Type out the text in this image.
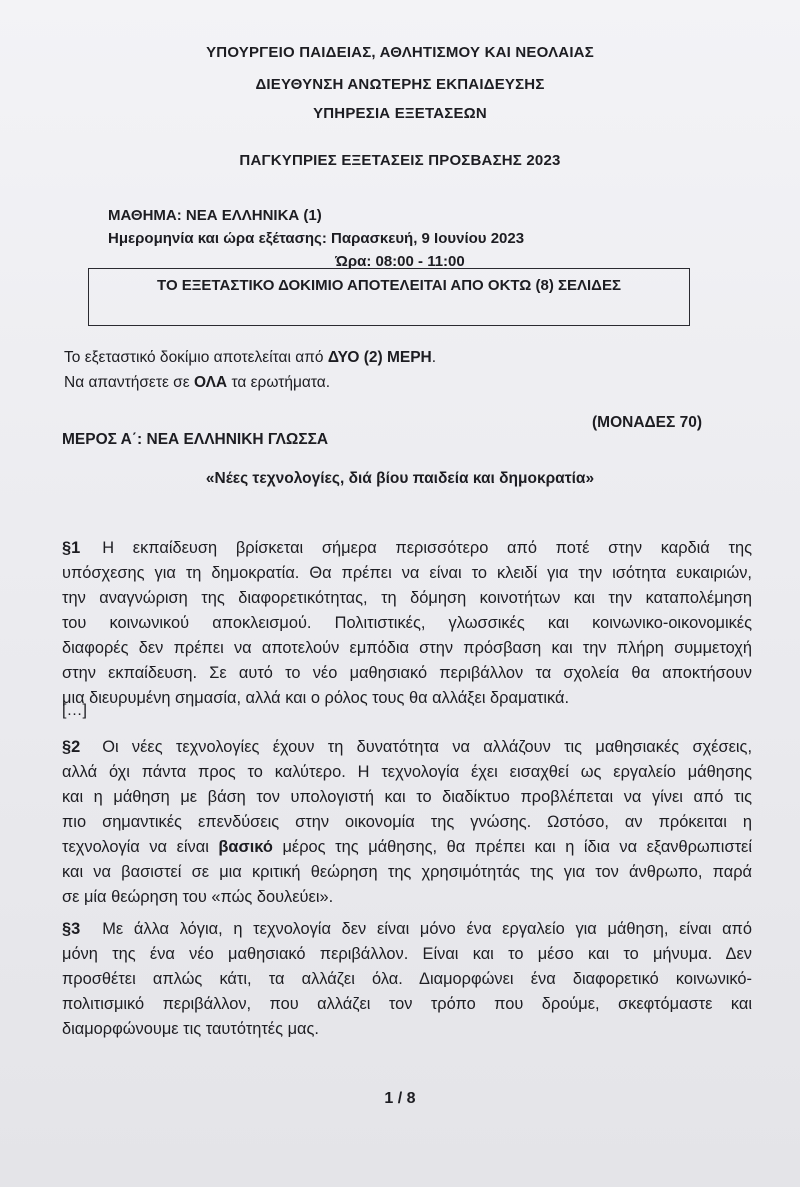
ΥΠΟΥΡΓΕΙΟ ΠΑΙΔΕΙΑΣ, ΑΘΛΗΤΙΣΜΟΥ ΚΑΙ ΝΕΟΛΑΙΑΣ
ΔΙΕΥΘΥΝΣΗ ΑΝΩΤΕΡΗΣ ΕΚΠΑΙΔΕΥΣΗΣ
ΥΠΗΡΕΣΙΑ ΕΞΕΤΑΣΕΩΝ
ΠΑΓΚΥΠΡΙΕΣ ΕΞΕΤΑΣΕΙΣ ΠΡΟΣΒΑΣΗΣ 2023
ΜΑΘΗΜΑ: ΝΕΑ ΕΛΛΗΝΙΚΑ (1)
Ημερομηνία και ώρα εξέτασης: Παρασκευή, 9 Ιουνίου 2023
Ώρα: 08:00 - 11:00
ΤΟ ΕΞΕΤΑΣΤΙΚΟ ΔΟΚΙΜΙΟ ΑΠΟΤΕΛΕΙΤΑΙ ΑΠΟ ΟΚΤΩ (8) ΣΕΛΙΔΕΣ
Το εξεταστικό δοκίμιο αποτελείται από ΔΥΟ (2) ΜΕΡΗ.
Να απαντήσετε σε ΟΛΑ τα ερωτήματα.
ΜΕΡΟΣ Α΄: ΝΕΑ ΕΛΛΗΝΙΚΗ ΓΛΩΣΣΑ
(ΜΟΝΑΔΕΣ 70)
«Νέες τεχνολογίες, διά βίου παιδεία και δημοκρατία»
§1 Η εκπαίδευση βρίσκεται σήμερα περισσότερο από ποτέ στην καρδιά της
υπόσχεσης για τη δημοκρατία. Θα πρέπει να είναι το κλειδί για την ισότητα ευκαιριών,
την αναγνώριση της διαφορετικότητας, τη δόμηση κοινοτήτων και την καταπολέμηση
του κοινωνικού αποκλεισμού. Πολιτιστικές, γλωσσικές και κοινωνικο-οικονομικές
διαφορές δεν πρέπει να αποτελούν εμπόδια στην πρόσβαση και την πλήρη συμμετοχή
στην εκπαίδευση. Σε αυτό το νέο μαθησιακό περιβάλλον τα σχολεία θα αποκτήσουν
μια διευρυμένη σημασία, αλλά και ο ρόλος τους θα αλλάξει δραματικά.
[…]
§2 Οι νέες τεχνολογίες έχουν τη δυνατότητα να αλλάζουν τις μαθησιακές σχέσεις,
αλλά όχι πάντα προς το καλύτερο. Η τεχνολογία έχει εισαχθεί ως εργαλείο μάθησης
και η μάθηση με βάση τον υπολογιστή και το διαδίκτυο προβλέπεται να γίνει από τις
πιο σημαντικές επενδύσεις στην οικονομία της γνώσης. Ωστόσο, αν πρόκειται η
τεχνολογία να είναι βασικό μέρος της μάθησης, θα πρέπει και η ίδια να εξανθρωπιστεί
και να βασιστεί σε μια κριτική θεώρηση της χρησιμότητάς της για τον άνθρωπο, παρά
σε μία θεώρηση του «πώς δουλεύει».
§3 Με άλλα λόγια, η τεχνολογία δεν είναι μόνο ένα εργαλείο για μάθηση, είναι από
μόνη της ένα νέο μαθησιακό περιβάλλον. Είναι και το μέσο και το μήνυμα. Δεν
προσθέτει απλώς κάτι, τα αλλάζει όλα. Διαμορφώνει ένα διαφορετικό κοινωνικό-
πολιτισμικό περιβάλλον, που αλλάζει τον τρόπο που δρούμε, σκεφτόμαστε και
διαμορφώνουμε τις ταυτότητές μας.
1 / 8
